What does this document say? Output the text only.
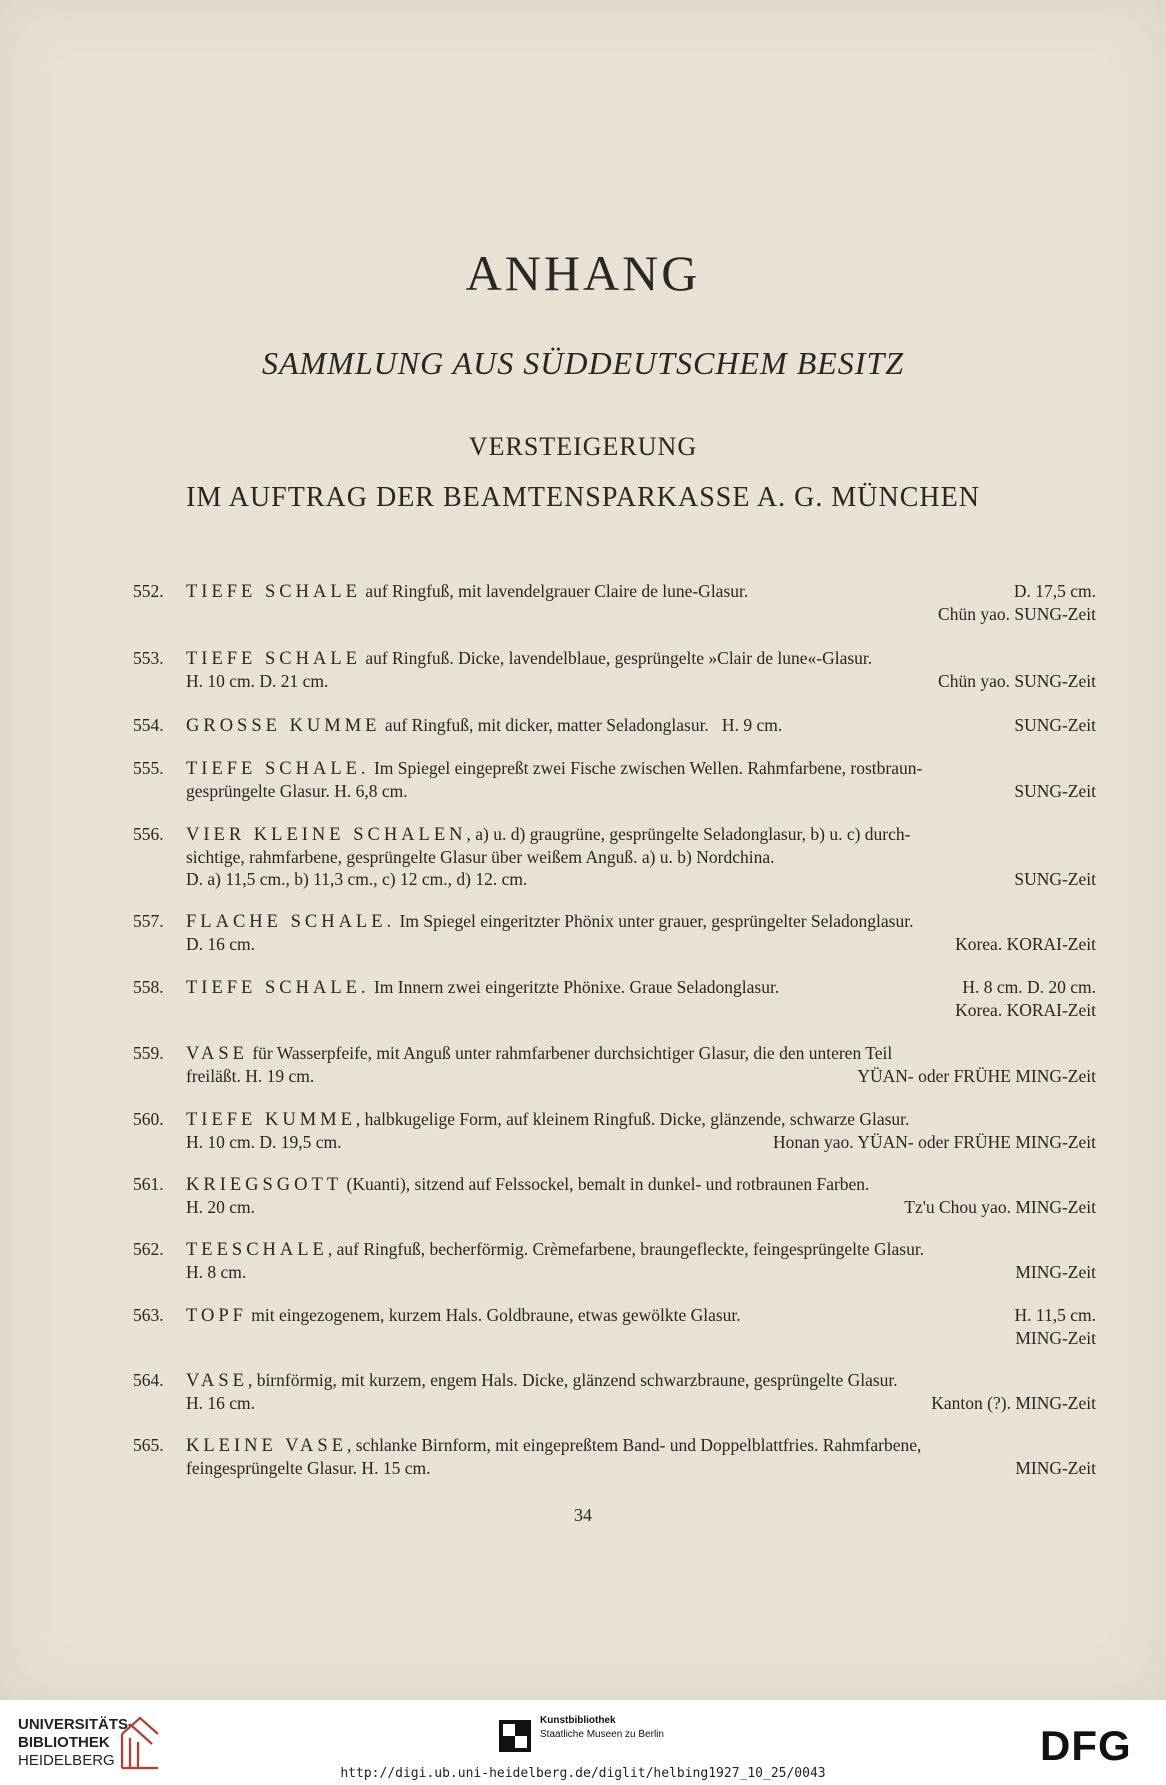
ANHANG
SAMMLUNG AUS SÜDDEUTSCHEM BESITZ
VERSTEIGERUNG
IM AUFTRAG DER BEAMTENSPARKASSE A. G. MÜNCHEN
552. TIEFE SCHALE auf Ringfuß, mit lavendelgrauer Claire de lune-Glasur.	D. 17,5 cm.
Chün yao. SUNG-Zeit
553. TIEFE SCHALE auf Ringfuß. Dicke, lavendelblaue, gesprüngelte »Clair de lune«-Glasur.
H. 10 cm. D. 21 cm.	Chün yao. SUNG-Zeit
554. GROSSE KUMME auf Ringfuß, mit dicker, matter Seladonglasur.   H. 9 cm.	SUNG-Zeit
555. TIEFE SCHALE. Im Spiegel eingepreßt zwei Fische zwischen Wellen. Rahmfarbene, rostbraun-
gesprüngelte Glasur. H. 6,8 cm.	SUNG-Zeit
556. VIER KLEINE SCHALEN, a) u. d) graugrüne, gesprüngelte Seladonglasur, b) u. c) durch-
sichtige, rahmfarbene, gesprüngelte Glasur über weißem Anguß. a) u. b) Nordchina.
D. a) 11,5 cm., b) 11,3 cm., c) 12 cm., d) 12. cm.	SUNG-Zeit
557. FLACHE SCHALE. Im Spiegel eingeritzter Phönix unter grauer, gesprüngelter Seladonglasur.
D. 16 cm.	Korea. KORAI-Zeit
558. TIEFE SCHALE. Im Innern zwei eingeritzte Phönixe. Graue Seladonglasur.	H. 8 cm. D. 20 cm.
Korea. KORAI-Zeit
559. VASE für Wasserpfeife, mit Anguß unter rahmfarbener durchsichtiger Glasur, die den unteren Teil
freiläßt. H. 19 cm.	YÜAN- oder FRÜHE MING-Zeit
560. TIEFE KUMME, halbkugelige Form, auf kleinem Ringfuß. Dicke, glänzende, schwarze Glasur.
H. 10 cm. D. 19,5 cm.	Honan yao. YÜAN- oder FRÜHE MING-Zeit
561. KRIEGSGOTT (Kuanti), sitzend auf Felssockel, bemalt in dunkel- und rotbraunen Farben.
H. 20 cm.	Tz'u Chou yao. MING-Zeit
562. TEESCHALE, auf Ringfuß, becherförmig. Crèmefarbene, braungefleckte, feingesprüngelte Glasur.
H. 8 cm.	MING-Zeit
563. TOPF mit eingezogenem, kurzem Hals. Goldbraune, etwas gewölkte Glasur.	H. 11,5 cm.
MING-Zeit
564. VASE, birnförmig, mit kurzem, engem Hals. Dicke, glänzend schwarzbraune, gesprüngelte Glasur.
H. 16 cm.	Kanton (?). MING-Zeit
565. KLEINE VASE, schlanke Birnform, mit eingepreßtem Band- und Doppelblattfries. Rahmfarbene,
feingesprüngelte Glasur. H. 15 cm.	MING-Zeit
34
UNIVERSITÄTS-
BIBLIOTHEK
HEIDELBERG
Kunstbibliothek
Staatliche Museen zu Berlin	DFG
http://digi.ub.uni-heidelberg.de/diglit/helbing1927_10_25/0043
